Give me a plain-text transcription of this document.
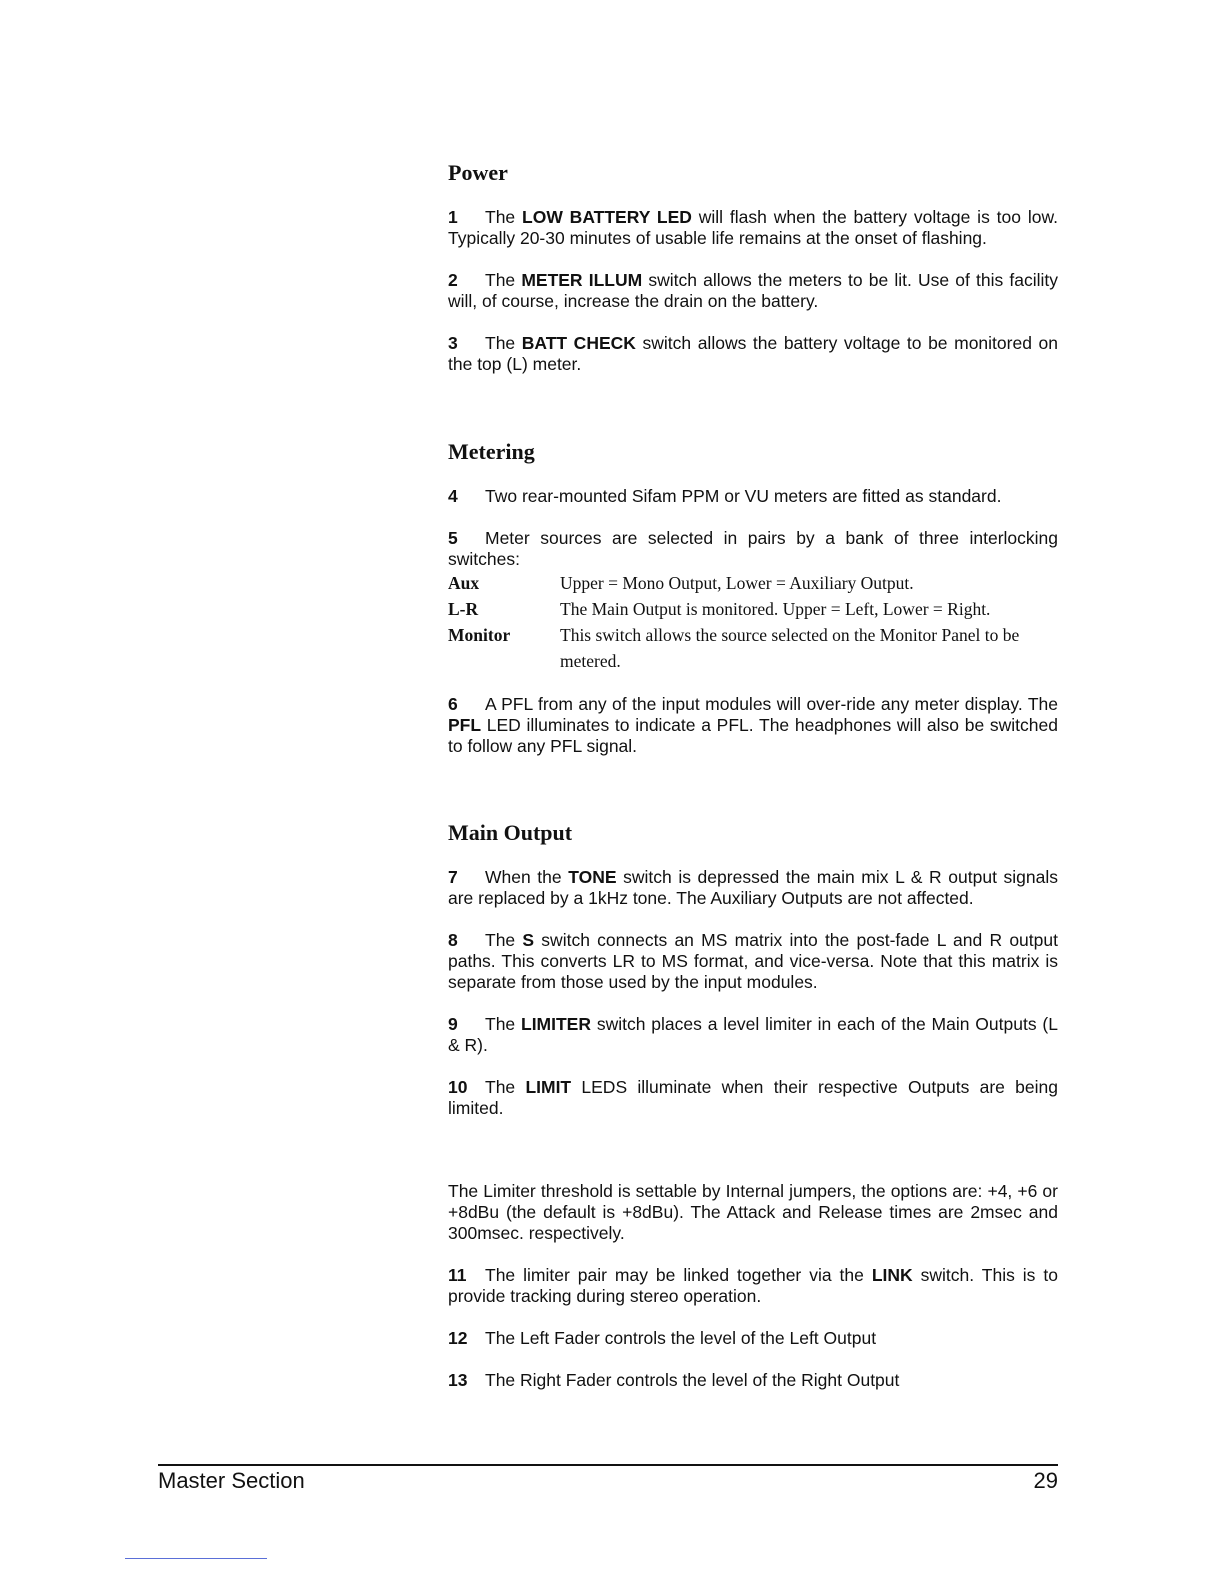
Power

1 The LOW BATTERY LED will flash when the battery voltage is too low. Typically 20-30 minutes of usable life remains at the onset of flashing.

2 The METER ILLUM switch allows the meters to be lit. Use of this facility will, of course, increase the drain on the battery.

3 The BATT CHECK switch allows the battery voltage to be monitored on the top (L) meter.

Metering

4 Two rear-mounted Sifam PPM or VU meters are fitted as standard.

5 Meter sources are selected in pairs by a bank of three interlocking switches:

Aux	Upper = Mono Output, Lower = Auxiliary Output.
L-R	The Main Output is monitored. Upper = Left, Lower = Right.
Monitor	This switch allows the source selected on the Monitor Panel to be metered.

6 A PFL from any of the input modules will over-ride any meter display. The PFL LED illuminates to indicate a PFL. The headphones will also be switched to follow any PFL signal.

Main Output

7 When the TONE switch is depressed the main mix L & R output signals are replaced by a 1kHz tone. The Auxiliary Outputs are not affected.

8 The S switch connects an MS matrix into the post-fade L and R output paths. This converts LR to MS format, and vice-versa. Note that this matrix is separate from those used by the input modules.

9 The LIMITER switch places a level limiter in each of the Main Outputs (L & R).

10 The LIMIT LEDS illuminate when their respective Outputs are being limited.

The Limiter threshold is settable by Internal jumpers, the options are: +4, +6 or +8dBu (the default is +8dBu). The Attack and Release times are 2msec and 300msec. respectively.

11 The limiter pair may be linked together via the LINK switch. This is to provide tracking during stereo operation.

12 The Left Fader controls the level of the Left Output

13 The Right Fader controls the level of the Right Output

Master Section	29
